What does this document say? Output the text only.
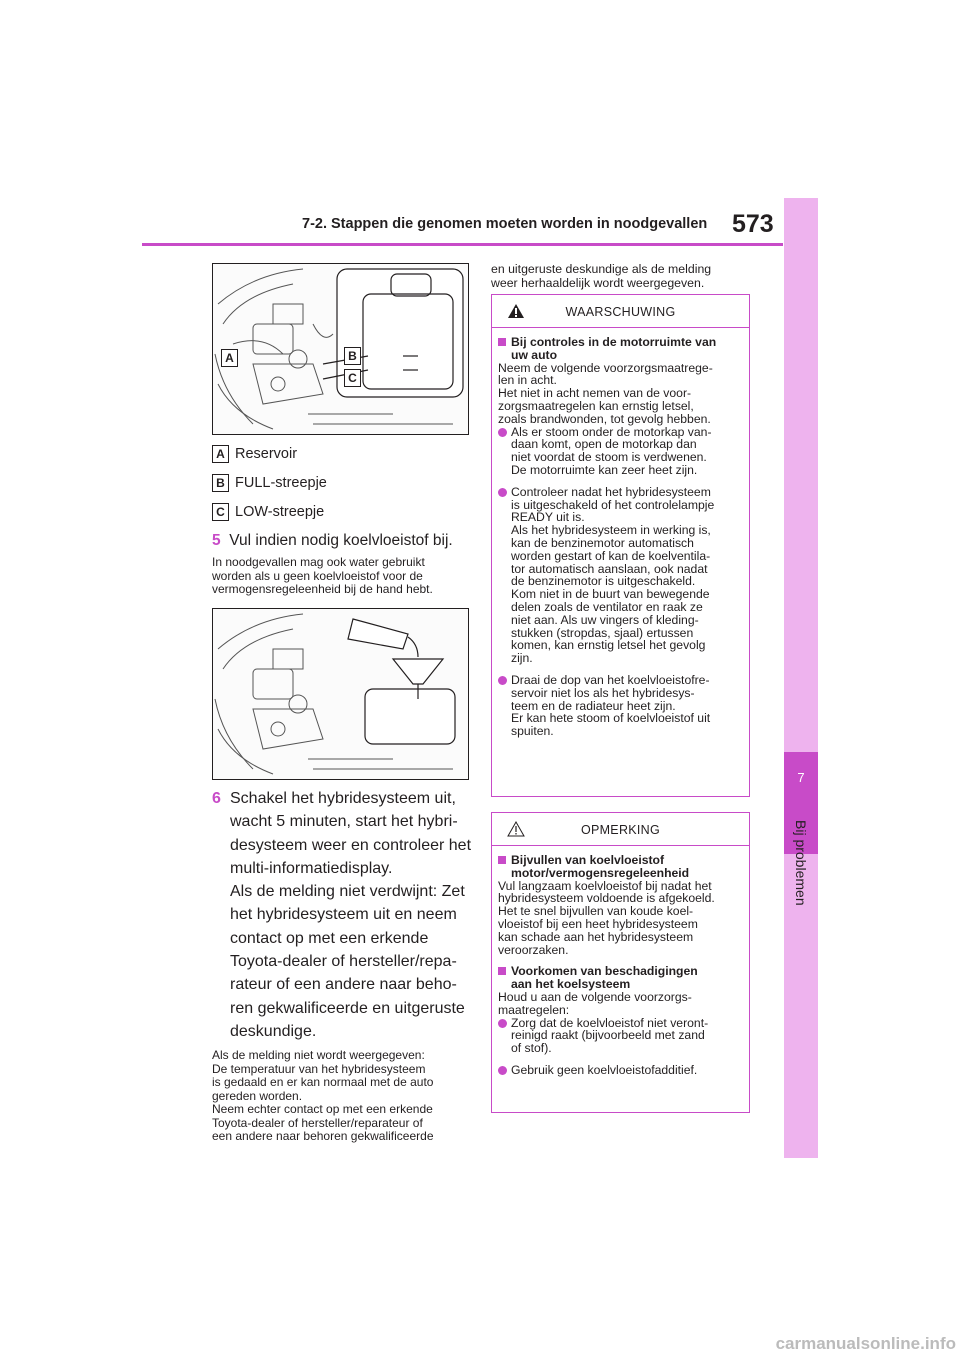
7-2. Stappen die genomen moeten worden in noodgevallen 573
7
Bij problemen
A	B
C
A Reservoir
B FULL-streepje
C LOW-streepje
5 Vul indien nodig koelvloeistof bij.

In noodgevallen mag ook water gebruikt

worden als u geen koelvloeistof voor de

vermogensregeleenheid bij de hand hebt.

6 Schakel het hybridesysteem uit,

wacht 5 minuten, start het hybri-

desysteem weer en controleer het

multi-informatiedisplay.

Als de melding niet verdwijnt: Zet

het hybridesysteem uit en neem

contact op met een erkende

Toyota-dealer of hersteller/repa-

rateur of een andere naar beho-

ren gekwalificeerde en uitgeruste

deskundige.

Als de melding niet wordt weergegeven:

De temperatuur van het hybridesysteem

is gedaald en er kan normaal met de auto

gereden worden.

Neem echter contact op met een erkende

Toyota-dealer of hersteller/reparateur of

een andere naar behoren gekwalificeerde

en uitgeruste deskundige als de melding

weer herhaaldelijk wordt weergegeven.

WAARSCHUWING

Bij controles in de motorruimte van

uw auto

Neem de volgende voorzorgsmaatrege-

len in acht.

Het niet in acht nemen van de voor-

zorgsmaatregelen kan ernstig letsel,

zoals brandwonden, tot gevolg hebben.

Als er stoom onder de motorkap van-

daan komt, open de motorkap dan

niet voordat de stoom is verdwenen.

De motorruimte kan zeer heet zijn.

Controleer nadat het hybridesysteem

is uitgeschakeld of het controlelampje

READY uit is.

Als het hybridesysteem in werking is,

kan de benzinemotor automatisch

worden gestart of kan de koelventila-

tor automatisch aanslaan, ook nadat

de benzinemotor is uitgeschakeld.

Kom niet in de buurt van bewegende

delen zoals de ventilator en raak ze

niet aan. Als uw vingers of kleding-

stukken (stropdas, sjaal) ertussen

komen, kan ernstig letsel het gevolg

zijn.

Draai de dop van het koelvloeistofre-

servoir niet los als het hybridesys-

teem en de radiateur heet zijn.

Er kan hete stoom of koelvloeistof uit

spuiten.

OPMERKING

Bijvullen van koelvloeistof

motor/vermogensregeleenheid

Vul langzaam koelvloeistof bij nadat het

hybridesysteem voldoende is afgekoeld.

Het te snel bijvullen van koude koel-

vloeistof bij een heet hybridesysteem

kan schade aan het hybridesysteem

veroorzaken.

Voorkomen van beschadigingen

aan het koelsysteem

Houd u aan de volgende voorzorgs-

maatregelen:

Zorg dat de koelvloeistof niet veront-

reinigd raakt (bijvoorbeeld met zand

of stof).

Gebruik geen koelvloeistofadditief.

carmanualsonline.info
